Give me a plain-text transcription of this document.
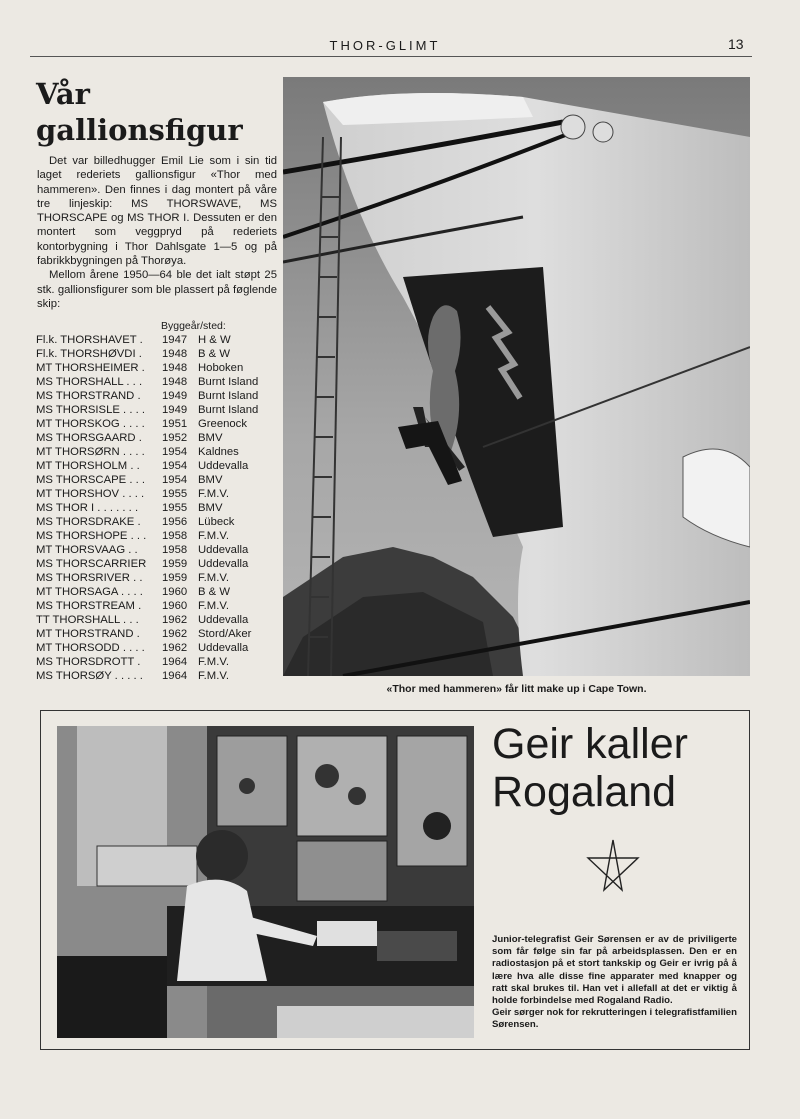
THOR-GLIMT	13
Vår
gallionsfigur

Det var billedhugger Emil Lie som i sin tid laget rederiets gallionsfigur «Thor med hammeren». Den finnes i dag montert på våre tre linjeskip: MS THORSWAVE, MS THORSCAPE og MS THOR I. Dessuten er den montert som veggpryd på rederiets kontorbygning i Thor Dahlsgate 1—5 og på fabrikkbygningen på Thorøya.

Mellom årene 1950—64 ble det ialt støpt 25 stk. gallionsfigurer som ble plassert på føglende skip:

Byggeår/sted:
Fl.k. THORSHAVET . 1947 H & W
Fl.k. THORSHØVDI . 1948 B & W
MT THORSHEIMER . 1948 Hoboken
MS THORSHALL . . . 1948 Burnt Island
MS THORSTRAND . 1949 Burnt Island
MS THORSISLE . . . . 1949 Burnt Island
MT THORSKOG . . . . 1951 Greenock
MS THORSGAARD . 1952 BMV
MT THORSØRN . . . . 1954 Kaldnes
MT THORSHOLM . . 1954 Uddevalla
MS THORSCAPE . . . 1954 BMV
MT THORSHOV . . . . 1955 F.M.V.
MS THOR I . . . . . . . 1955 BMV
MS THORSDRAKE . 1956 Lübeck
MS THORSHOPE . . . 1958 F.M.V.
MT THORSVAAG . . 1958 Uddevalla
MS THORSCARRIER 1959 Uddevalla
MS THORSRIVER . . 1959 F.M.V.
MT THORSAGA . . . . 1960 B & W
MS THORSTREAM . 1960 F.M.V.
TT THORSHALL . . . 1962 Uddevalla
MT THORSTRAND . 1962 Stord/Aker
MT THORSODD . . . . 1962 Uddevalla
MS THORSDROTT . 1964 F.M.V.
MS THORSØY . . . . . 1964 F.M.V.
«Thor med hammeren» får litt make up i Cape Town.
Geir kaller
Rogaland

Junior-telegrafist Geir Sørensen er av de priviligerte som får følge sin far på arbeidsplassen. Den er en radiostasjon på et stort tankskip og Geir er ivrig på å lære hva alle disse fine apparater med knapper og ratt skal brukes til. Han vet i allefall at det er viktig å holde forbindelse med Rogaland Radio.

Geir sørger nok for rekrutteringen i telegrafistfamilien Sørensen.
